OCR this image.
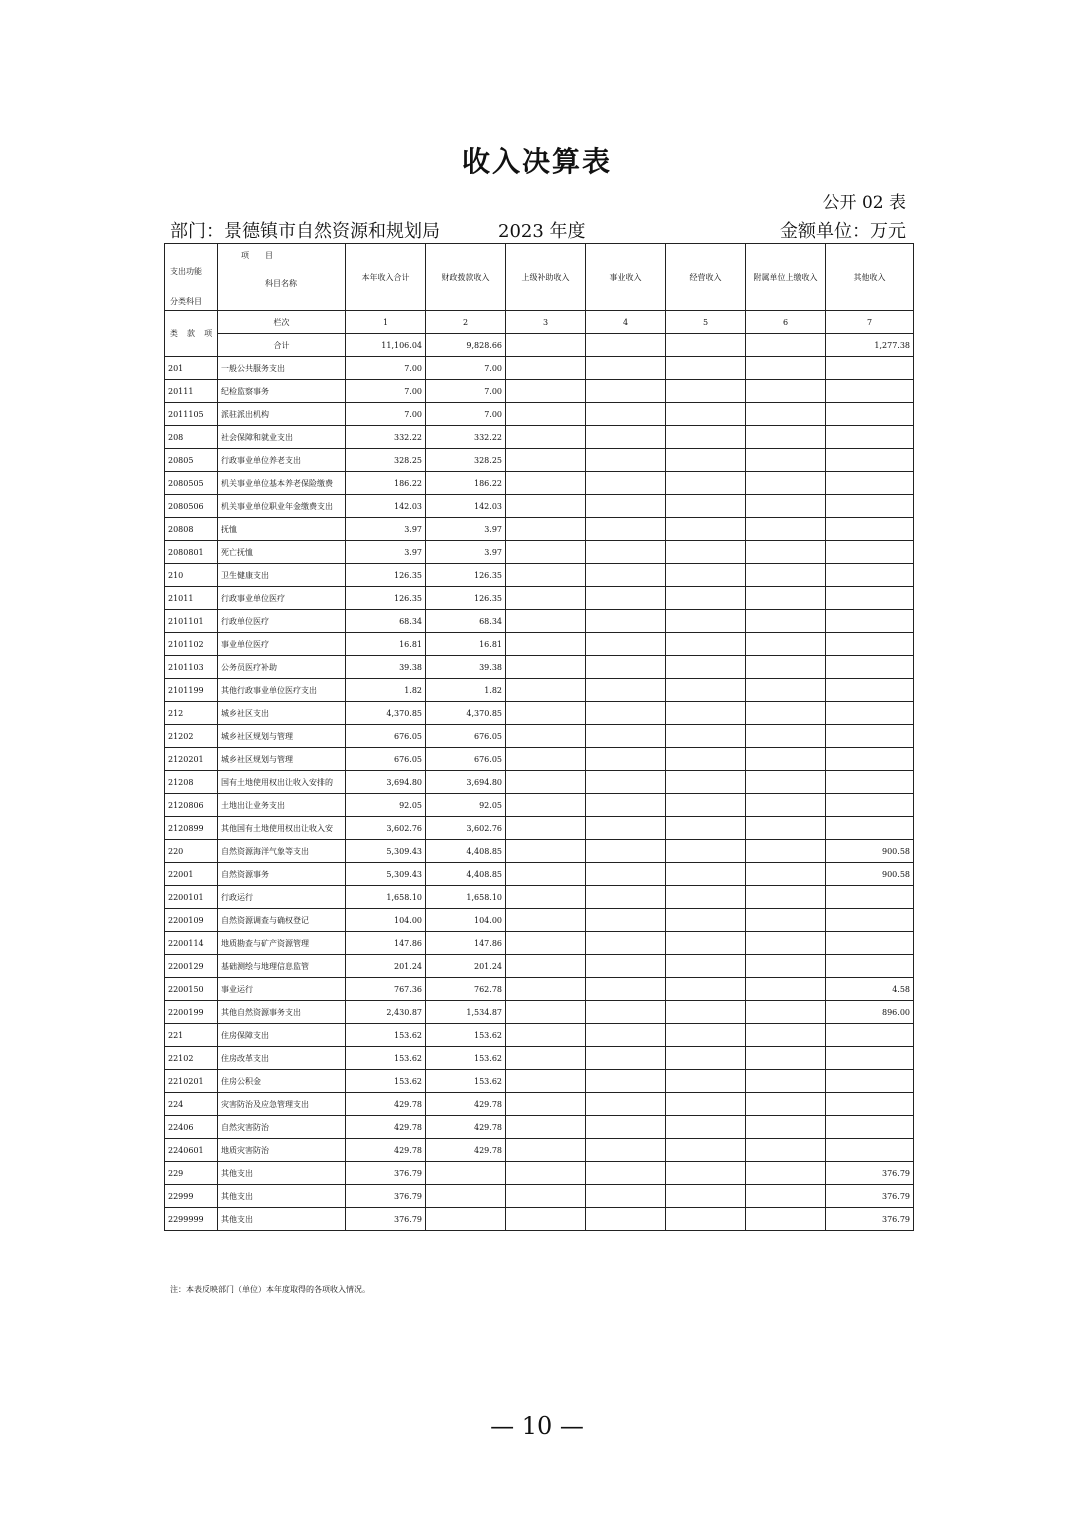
收入决算表
公开 02 表
部门：景德镇市自然资源和规划局	2023 年度	金额单位：万元
支出功能
分类科目	项　　目
科目名称	本年收入合计	财政拨款收入	上级补助收入	事业收入	经营收入	附属单位上缴收入	其他收入
类 款 项	栏次	1	2	3	4	5	6	7
	合计	11,106.04	9,828.66					1,277.38
201	一般公共服务支出	7.00	7.00					
20111	纪检监察事务	7.00	7.00					
2011105	派驻派出机构	7.00	7.00					
208	社会保障和就业支出	332.22	332.22					
20805	行政事业单位养老支出	328.25	328.25					
2080505	机关事业单位基本养老保险缴费	186.22	186.22					
2080506	机关事业单位职业年金缴费支出	142.03	142.03					
20808	抚恤	3.97	3.97					
2080801	死亡抚恤	3.97	3.97					
210	卫生健康支出	126.35	126.35					
21011	行政事业单位医疗	126.35	126.35					
2101101	行政单位医疗	68.34	68.34					
2101102	事业单位医疗	16.81	16.81					
2101103	公务员医疗补助	39.38	39.38					
2101199	其他行政事业单位医疗支出	1.82	1.82					
212	城乡社区支出	4,370.85	4,370.85					
21202	城乡社区规划与管理	676.05	676.05					
2120201	城乡社区规划与管理	676.05	676.05					
21208	国有土地使用权出让收入安排的	3,694.80	3,694.80					
2120806	土地出让业务支出	92.05	92.05					
2120899	其他国有土地使用权出让收入安	3,602.76	3,602.76					
220	自然资源海洋气象等支出	5,309.43	4,408.85					900.58
22001	自然资源事务	5,309.43	4,408.85					900.58
2200101	行政运行	1,658.10	1,658.10					
2200109	自然资源调查与确权登记	104.00	104.00					
2200114	地质勘查与矿产资源管理	147.86	147.86					
2200129	基础测绘与地理信息监管	201.24	201.24					
2200150	事业运行	767.36	762.78					4.58
2200199	其他自然资源事务支出	2,430.87	1,534.87					896.00
221	住房保障支出	153.62	153.62					
22102	住房改革支出	153.62	153.62					
2210201	住房公积金	153.62	153.62					
224	灾害防治及应急管理支出	429.78	429.78					
22406	自然灾害防治	429.78	429.78					
2240601	地质灾害防治	429.78	429.78					
229	其他支出	376.79						376.79
22999	其他支出	376.79						376.79
2299999	其他支出	376.79						376.79
注：本表反映部门（单位）本年度取得的各项收入情况。
— 10 —
